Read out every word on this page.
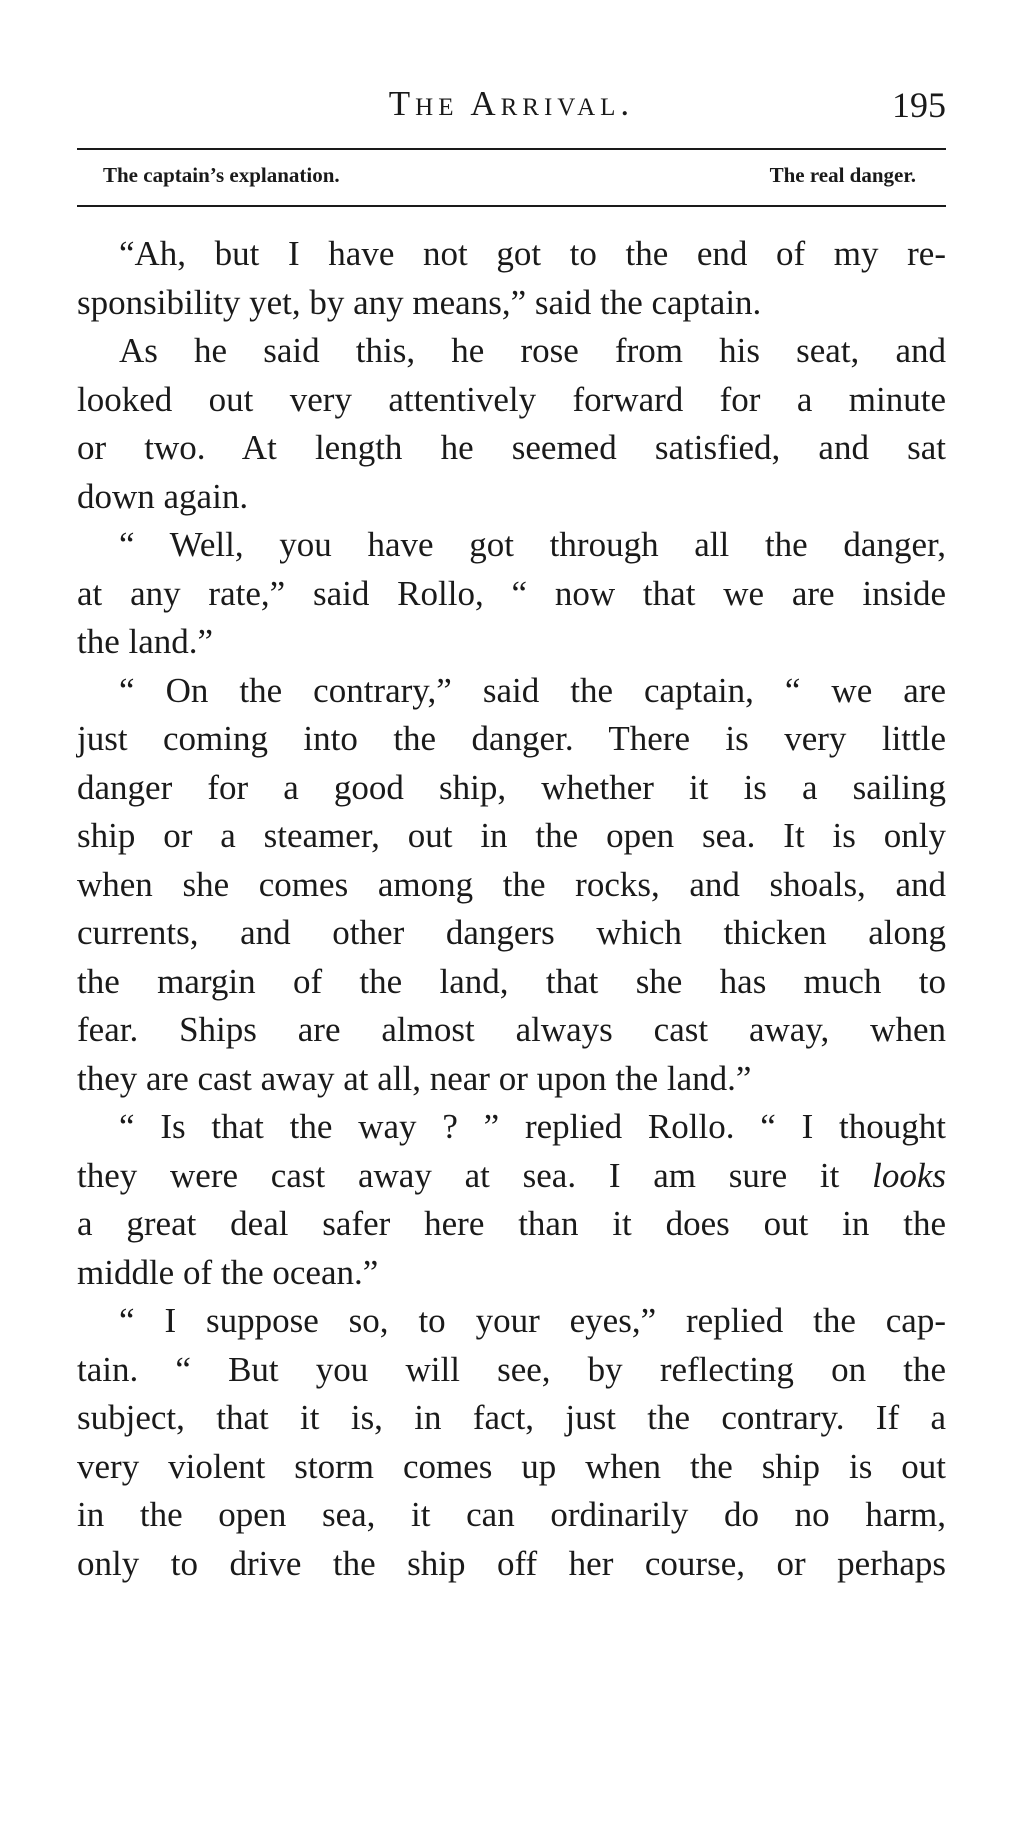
The Arrival.	195
The captain’s explanation.	The real danger.
“Ah, but I have not got to the end of my re-
sponsibility yet, by any means,” said the captain.
As he said this, he rose from his seat, and
looked out very attentively forward for a minute
or two. At length he seemed satisfied, and sat
down again.
“ Well, you have got through all the danger,
at any rate,” said Rollo, “ now that we are inside
the land.”
“ On the contrary,” said the captain, “ we are
just coming into the danger. There is very little
danger for a good ship, whether it is a sailing
ship or a steamer, out in the open sea. It is only
when she comes among the rocks, and shoals, and
currents, and other dangers which thicken along
the margin of the land, that she has much to
fear. Ships are almost always cast away, when
they are cast away at all, near or upon the land.”
“ Is that the way ? ” replied Rollo. “ I thought
they were cast away at sea. I am sure it looks
a great deal safer here than it does out in the
middle of the ocean.”
“ I suppose so, to your eyes,” replied the cap-
tain. “ But you will see, by reflecting on the
subject, that it is, in fact, just the contrary. If a
very violent storm comes up when the ship is out
in the open sea, it can ordinarily do no harm,
only to drive the ship off her course, or perhaps
